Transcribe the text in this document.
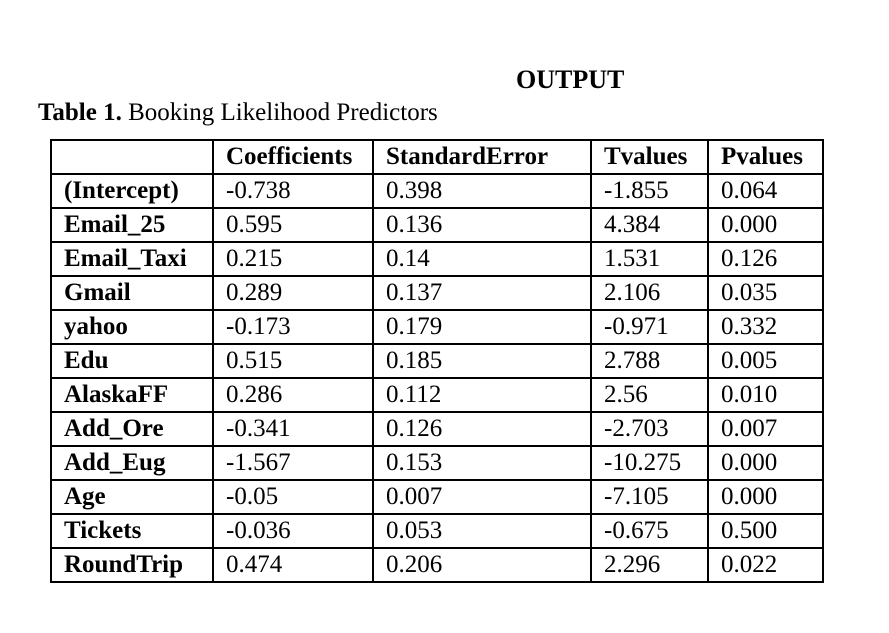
OUTPUT
Table 1. Booking Likelihood Predictors
	Coefficients	StandardError	Tvalues	Pvalues
(Intercept)	-0.738	0.398	-1.855	0.064
Email_25	0.595	0.136	4.384	0.000
Email_Taxi	0.215	0.14	1.531	0.126
Gmail	0.289	0.137	2.106	0.035
yahoo	-0.173	0.179	-0.971	0.332
Edu	0.515	0.185	2.788	0.005
AlaskaFF	0.286	0.112	2.56	0.010
Add_Ore	-0.341	0.126	-2.703	0.007
Add_Eug	-1.567	0.153	-10.275	0.000
Age	-0.05	0.007	-7.105	0.000
Tickets	-0.036	0.053	-0.675	0.500
RoundTrip	0.474	0.206	2.296	0.022
